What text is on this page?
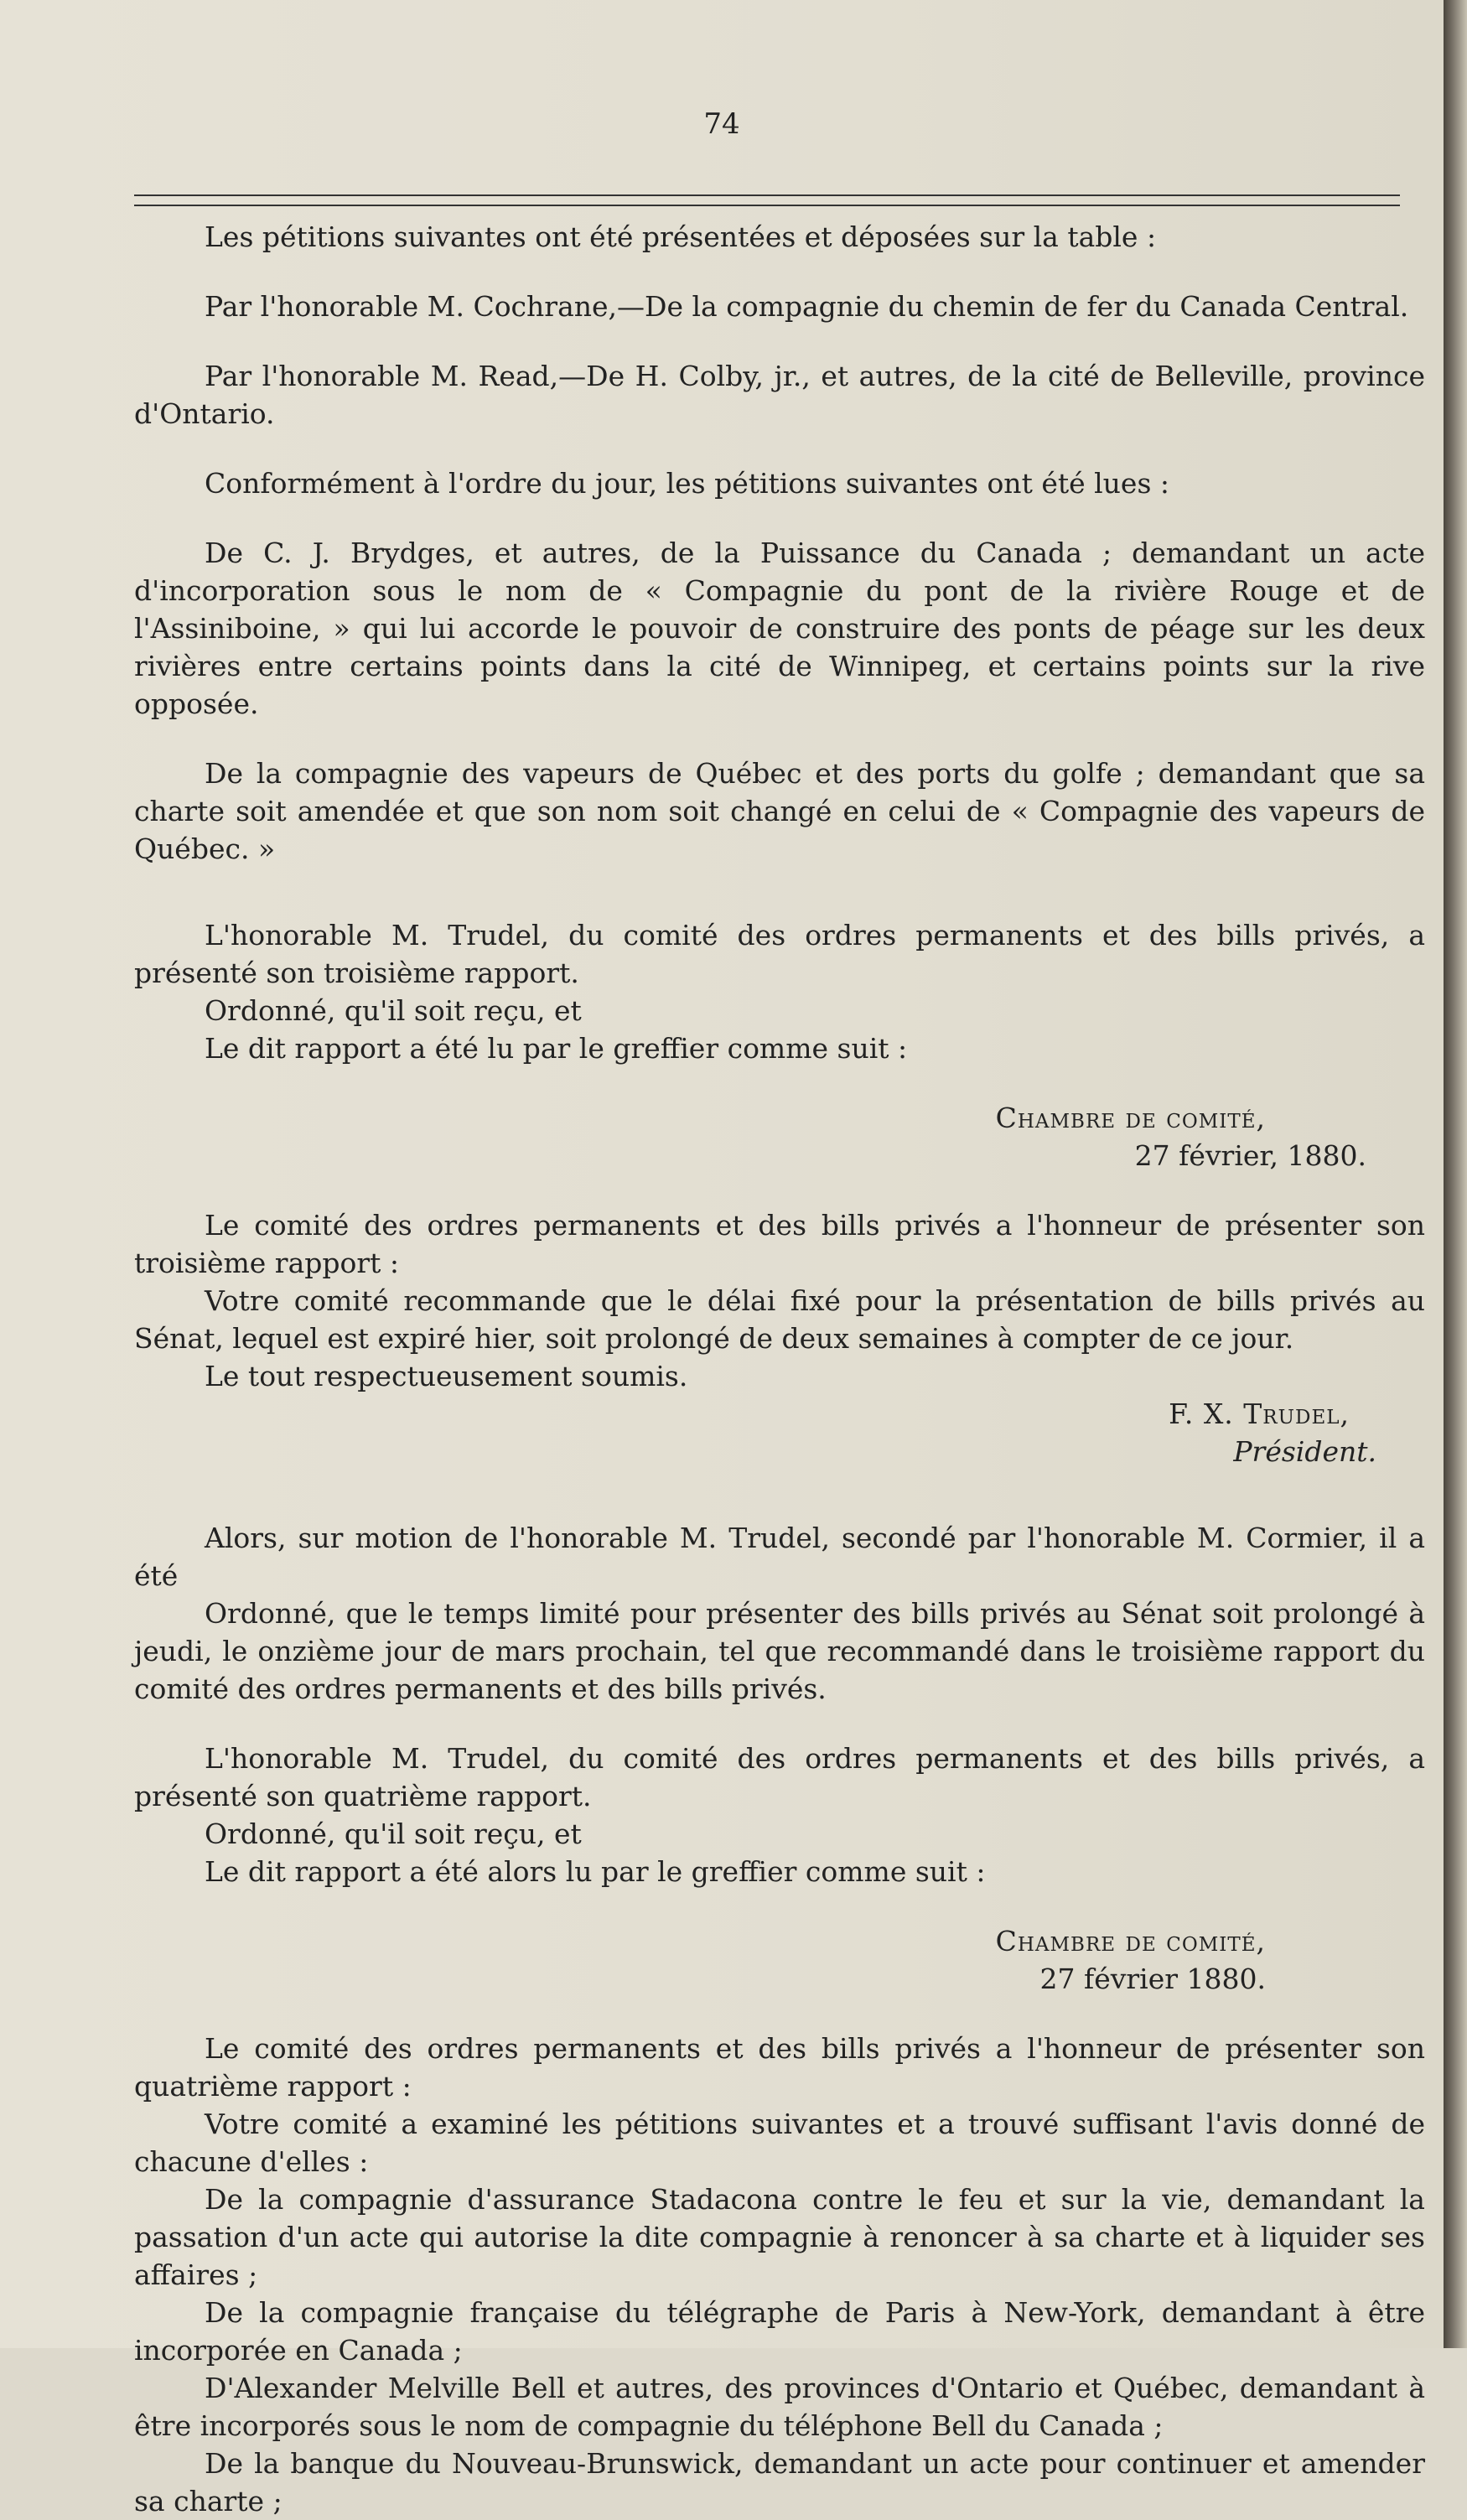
74

Les pétitions suivantes ont été présentées et déposées sur la table :

Par l'honorable M. Cochrane,—De la compagnie du chemin de fer du Canada Central.

Par l'honorable M. Read,—De H. Colby, jr., et autres, de la cité de Belleville, province d'Ontario.

Conformément à l'ordre du jour, les pétitions suivantes ont été lues :

De C. J. Brydges, et autres, de la Puissance du Canada ; demandant un acte d'incorporation sous le nom de « Compagnie du pont de la rivière Rouge et de l'Assiniboine, » qui lui accorde le pouvoir de construire des ponts de péage sur les deux rivières entre certains points dans la cité de Winnipeg, et certains points sur la rive opposée.

De la compagnie des vapeurs de Québec et des ports du golfe ; demandant que sa charte soit amendée et que son nom soit changé en celui de « Compagnie des vapeurs de Québec. »

L'honorable M. Trudel, du comité des ordres permanents et des bills privés, a présenté son troisième rapport.

Ordonné, qu'il soit reçu, et

Le dit rapport a été lu par le greffier comme suit :

Chambre de comité,

27 février, 1880.

Le comité des ordres permanents et des bills privés a l'honneur de présenter son troisième rapport :

Votre comité recommande que le délai fixé pour la présentation de bills privés au Sénat, lequel est expiré hier, soit prolongé de deux semaines à compter de ce jour.

Le tout respectueusement soumis.

F. X. Trudel,

Président.

Alors, sur motion de l'honorable M. Trudel, secondé par l'honorable M. Cormier, il a été

Ordonné, que le temps limité pour présenter des bills privés au Sénat soit prolongé à jeudi, le onzième jour de mars prochain, tel que recommandé dans le troisième rapport du comité des ordres permanents et des bills privés.

L'honorable M. Trudel, du comité des ordres permanents et des bills privés, a présenté son quatrième rapport.

Ordonné, qu'il soit reçu, et

Le dit rapport a été alors lu par le greffier comme suit :

Chambre de comité,

27 février 1880.

Le comité des ordres permanents et des bills privés a l'honneur de présenter son quatrième rapport :

Votre comité a examiné les pétitions suivantes et a trouvé suffisant l'avis donné de chacune d'elles :

De la compagnie d'assurance Stadacona contre le feu et sur la vie, demandant la passation d'un acte qui autorise la dite compagnie à renoncer à sa charte et à liquider ses affaires ;

De la compagnie française du télégraphe de Paris à New-York, demandant à être incorporée en Canada ;

D'Alexander Melville Bell et autres, des provinces d'Ontario et Québec, demandant à être incorporés sous le nom de compagnie du téléphone Bell du Canada ;

De la banque du Nouveau-Brunswick, demandant un acte pour continuer et amender sa charte ;
